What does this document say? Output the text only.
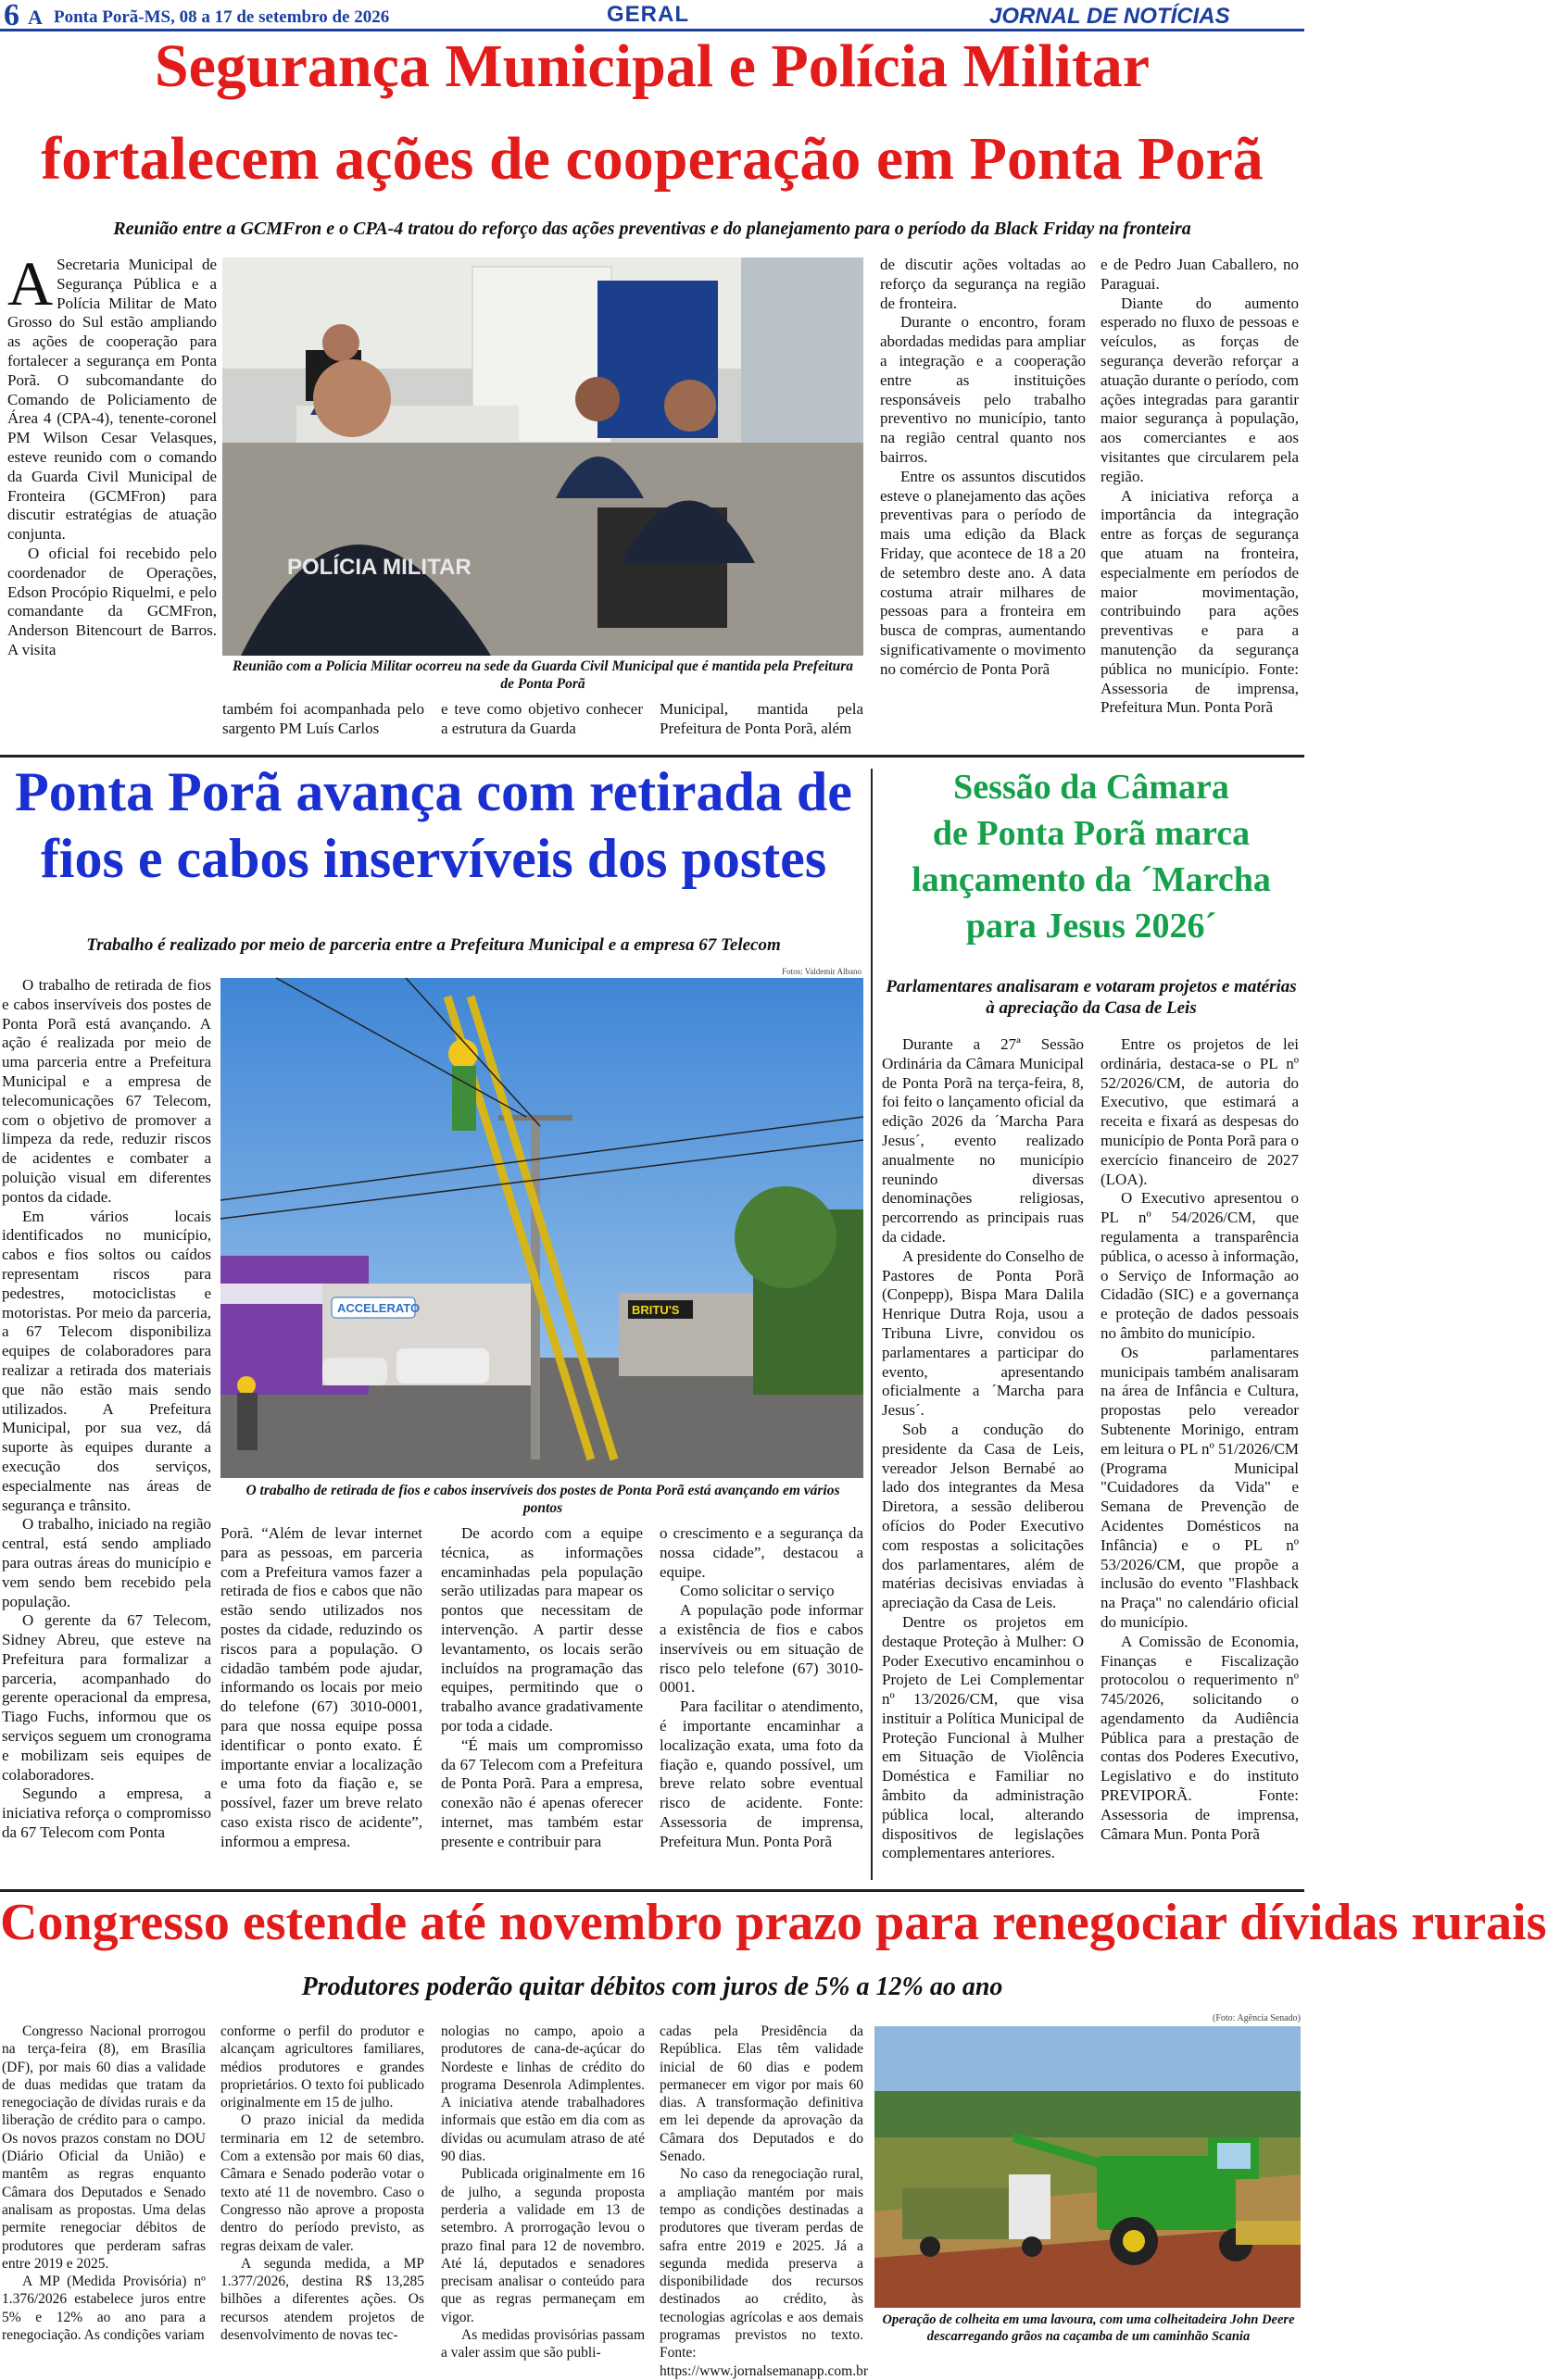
6 A Ponta Porã-MS, 08 a 17 de setembro de 2026	GERAL	JORNAL DE NOTÍCIAS
Segurança Municipal e Polícia Militar
fortalecem ações de cooperação em Ponta Porã
Reunião entre a GCMFron e o CPA-4 tratou do reforço das ações preventivas e do planejamento para o período da Black Friday na fronteira

A Secretaria Municipal de Segurança Pública e a Polícia Militar de Mato Grosso do Sul estão ampliando as ações de cooperação para fortalecer a segurança em Ponta Porã. O subcomandante do Comando de Policiamento de Área 4 (CPA-4), tenente-coronel PM Wilson Cesar Velasques, esteve reunido com o comando da Guarda Civil Municipal de Fronteira (GCMFron) para discutir estratégias de atuação conjunta.

O oficial foi recebido pelo coordenador de Operações, Edson Procópio Riquelmi, e pelo comandante da GCMFron, Anderson Bitencourt de Barros. A visita

POLÍCIA MILITAR
Reunião com a Polícia Militar ocorreu na sede da Guarda Civil Municipal que é mantida pela Prefeitura de Ponta Porã

também foi acompanhada pelo sargento PM Luís Carlos

e teve como objetivo conhecer a estrutura da Guarda

Municipal, mantida pela Prefeitura de Ponta Porã, além

de discutir ações voltadas ao reforço da segurança na região de fronteira.

Durante o encontro, foram abordadas medidas para ampliar a integração e a cooperação entre as instituições responsáveis pelo trabalho preventivo no município, tanto na região central quanto nos bairros.

Entre os assuntos discutidos esteve o planejamento das ações preventivas para o período de mais uma edição da Black Friday, que acontece de 18 a 20 de setembro deste ano. A data costuma atrair milhares de pessoas para a fronteira em busca de compras, aumentando significativamente o movimento no comércio de Ponta Porã

e de Pedro Juan Caballero, no Paraguai.

Diante do aumento esperado no fluxo de pessoas e veículos, as forças de segurança deverão reforçar a atuação durante o período, com ações integradas para garantir maior segurança à população, aos comerciantes e aos visitantes que circularem pela região.

A iniciativa reforça a importância da integração entre as forças de segurança que atuam na fronteira, especialmente em períodos de maior movimentação, contribuindo para ações preventivas e para a manutenção da segurança pública no município. Fonte: Assessoria de imprensa, Prefeitura Mun. Ponta Porã

Ponta Porã avança com retirada de
fios e cabos inservíveis dos postes
Trabalho é realizado por meio de parceria entre a Prefeitura Municipal e a empresa 67 Telecom
Fotos: Valdemir Albano

O trabalho de retirada de fios e cabos inservíveis dos postes de Ponta Porã está avançando. A ação é realizada por meio de uma parceria entre a Prefeitura Municipal e a empresa de telecomunicações 67 Telecom, com o objetivo de promover a limpeza da rede, reduzir riscos de acidentes e combater a poluição visual em diferentes pontos da cidade.

Em vários locais identificados no município, cabos e fios soltos ou caídos representam riscos para pedestres, motociclistas e motoristas. Por meio da parceria, a 67 Telecom disponibiliza equipes de colaboradores para realizar a retirada dos materiais que não estão mais sendo utilizados. A Prefeitura Municipal, por sua vez, dá suporte às equipes durante a execução dos serviços, especialmente nas áreas de segurança e trânsito.

O trabalho, iniciado na região central, está sendo ampliado para outras áreas do município e vem sendo bem recebido pela população.

O gerente da 67 Telecom, Sidney Abreu, que esteve na Prefeitura para formalizar a parceria, acompanhado do gerente operacional da empresa, Tiago Fuchs, informou que os serviços seguem um cronograma e mobilizam seis equipes de colaboradores.

Segundo a empresa, a iniciativa reforça o compromisso da 67 Telecom com Ponta

ACCELERATO	BRITU'S
O trabalho de retirada de fios e cabos inservíveis dos postes de Ponta Porã está avançando em vários pontos

Porã. “Além de levar internet para as pessoas, em parceria com a Prefeitura vamos fazer a retirada de fios e cabos que não estão sendo utilizados nos postes da cidade, reduzindo os riscos para a população. O cidadão também pode ajudar, informando os locais por meio do telefone (67) 3010-0001, para que nossa equipe possa identificar o ponto exato. É importante enviar a localização e uma foto da fiação e, se possível, fazer um breve relato caso exista risco de acidente”, informou a empresa.

De acordo com a equipe técnica, as informações encaminhadas pela população serão utilizadas para mapear os pontos que necessitam de intervenção. A partir desse levantamento, os locais serão incluídos na programação das equipes, permitindo que o trabalho avance gradativamente por toda a cidade.

“É mais um compromisso da 67 Telecom com a Prefeitura de Ponta Porã. Para a empresa, conexão não é apenas oferecer internet, mas também estar presente e contribuir para

o crescimento e a segurança da nossa cidade”, destacou a equipe.

Como solicitar o serviço

A população pode informar a existência de fios e cabos inservíveis ou em situação de risco pelo telefone (67) 3010-0001.

Para facilitar o atendimento, é importante encaminhar a localização exata, uma foto da fiação e, quando possível, um breve relato sobre eventual risco de acidente. Fonte: Assessoria de imprensa, Prefeitura Mun. Ponta Porã

Sessão da Câmara
de Ponta Porã marca
lançamento da ´Marcha
para Jesus 2026´
Parlamentares analisaram e votaram projetos e matérias à apreciação da Casa de Leis

Durante a 27ª Sessão Ordinária da Câmara Municipal de Ponta Porã na terça-feira, 8, foi feito o lançamento oficial da edição 2026 da ´Marcha Para Jesus´, evento realizado anualmente no município reunindo diversas denominações religiosas, percorrendo as principais ruas da cidade.

A presidente do Conselho de Pastores de Ponta Porã (Conpepp), Bispa Mara Dalila Henrique Dutra Roja, usou a Tribuna Livre, convidou os parlamentares a participar do evento, apresentando oficialmente a ´Marcha para Jesus´.

Sob a condução do presidente da Casa de Leis, vereador Jelson Bernabé ao lado dos integrantes da Mesa Diretora, a sessão deliberou ofícios do Poder Executivo com respostas a solicitações dos parlamentares, além de matérias decisivas enviadas à apreciação da Casa de Leis.

Dentre os projetos em destaque Proteção à Mulher: O Poder Executivo encaminhou o Projeto de Lei Complementar nº 13/2026/CM, que visa instituir a Política Municipal de Proteção Funcional à Mulher em Situação de Violência Doméstica e Familiar no âmbito da administração pública local, alterando dispositivos de legislações complementares anteriores.

Entre os projetos de lei ordinária, destaca-se o PL nº 52/2026/CM, de autoria do Executivo, que estimará a receita e fixará as despesas do município de Ponta Porã para o exercício financeiro de 2027 (LOA).

O Executivo apresentou o PL nº 54/2026/CM, que regulamenta a transparência pública, o acesso à informação, o Serviço de Informação ao Cidadão (SIC) e a governança e proteção de dados pessoais no âmbito do município.

Os parlamentares municipais também analisaram na área de Infância e Cultura, propostas pelo vereador Subtenente Morinigo, entram em leitura o PL nº 51/2026/CM (Programa Municipal "Cuidadores da Vida" e Semana de Prevenção de Acidentes Domésticos na Infância) e o PL nº 53/2026/CM, que propõe a inclusão do evento "Flashback na Praça" no calendário oficial do município.

A Comissão de Economia, Finanças e Fiscalização protocolou o requerimento nº 745/2026, solicitando o agendamento da Audiência Pública para a prestação de contas dos Poderes Executivo, Legislativo e do instituto PREVIPORÃ. Fonte: Assessoria de imprensa, Câmara Mun. Ponta Porã

Congresso estende até novembro prazo para renegociar dívidas rurais
Produtores poderão quitar débitos com juros de 5% a 12% ao ano

Congresso Nacional prorrogou na terça-feira (8), em Brasília (DF), por mais 60 dias a validade de duas medidas que tratam da renegociação de dívidas rurais e da liberação de crédito para o campo. Os novos prazos constam no DOU (Diário Oficial da União) e mantêm as regras enquanto Câmara dos Deputados e Senado analisam as propostas. Uma delas permite renegociar débitos de produtores que perderam safras entre 2019 e 2025.

A MP (Medida Provisória) nº 1.376/2026 estabelece juros entre 5% e 12% ao ano para a renegociação. As condições variam

conforme o perfil do produtor e alcançam agricultores familiares, médios produtores e grandes proprietários. O texto foi publicado originalmente em 15 de julho.

O prazo inicial da medida terminaria em 12 de setembro. Com a extensão por mais 60 dias, Câmara e Senado poderão votar o texto até 11 de novembro. Caso o Congresso não aprove a proposta dentro do período previsto, as regras deixam de valer.

A segunda medida, a MP 1.377/2026, destina R$ 13,285 bilhões a diferentes ações. Os recursos atendem projetos de desenvolvimento de novas tec-

nologias no campo, apoio a produtores de cana-de-açúcar do Nordeste e linhas de crédito do programa Desenrola Adimplentes. A iniciativa atende trabalhadores informais que estão em dia com as dívidas ou acumulam atraso de até 90 dias.

Publicada originalmente em 16 de julho, a segunda proposta perderia a validade em 13 de setembro. A prorrogação levou o prazo final para 12 de novembro. Até lá, deputados e senadores precisam analisar o conteúdo para que as regras permaneçam em vigor.

As medidas provisórias passam a valer assim que são publi-

cadas pela Presidência da República. Elas têm validade inicial de 60 dias e podem permanecer em vigor por mais 60 dias. A transformação definitiva em lei depende da aprovação da Câmara dos Deputados e do Senado.

No caso da renegociação rural, a ampliação mantém por mais tempo as condições destinadas a produtores que tiveram perdas de safra entre 2019 e 2025. Já a segunda medida preserva a disponibilidade dos recursos destinados ao crédito, às tecnologias agrícolas e aos demais programas previstos no texto. Fonte: https://www.jornalsemanapp.com.br

(Foto: Agência Senado)
Operação de colheita em uma lavoura, com uma colheitadeira John Deere descarregando grãos na caçamba de um caminhão Scania
